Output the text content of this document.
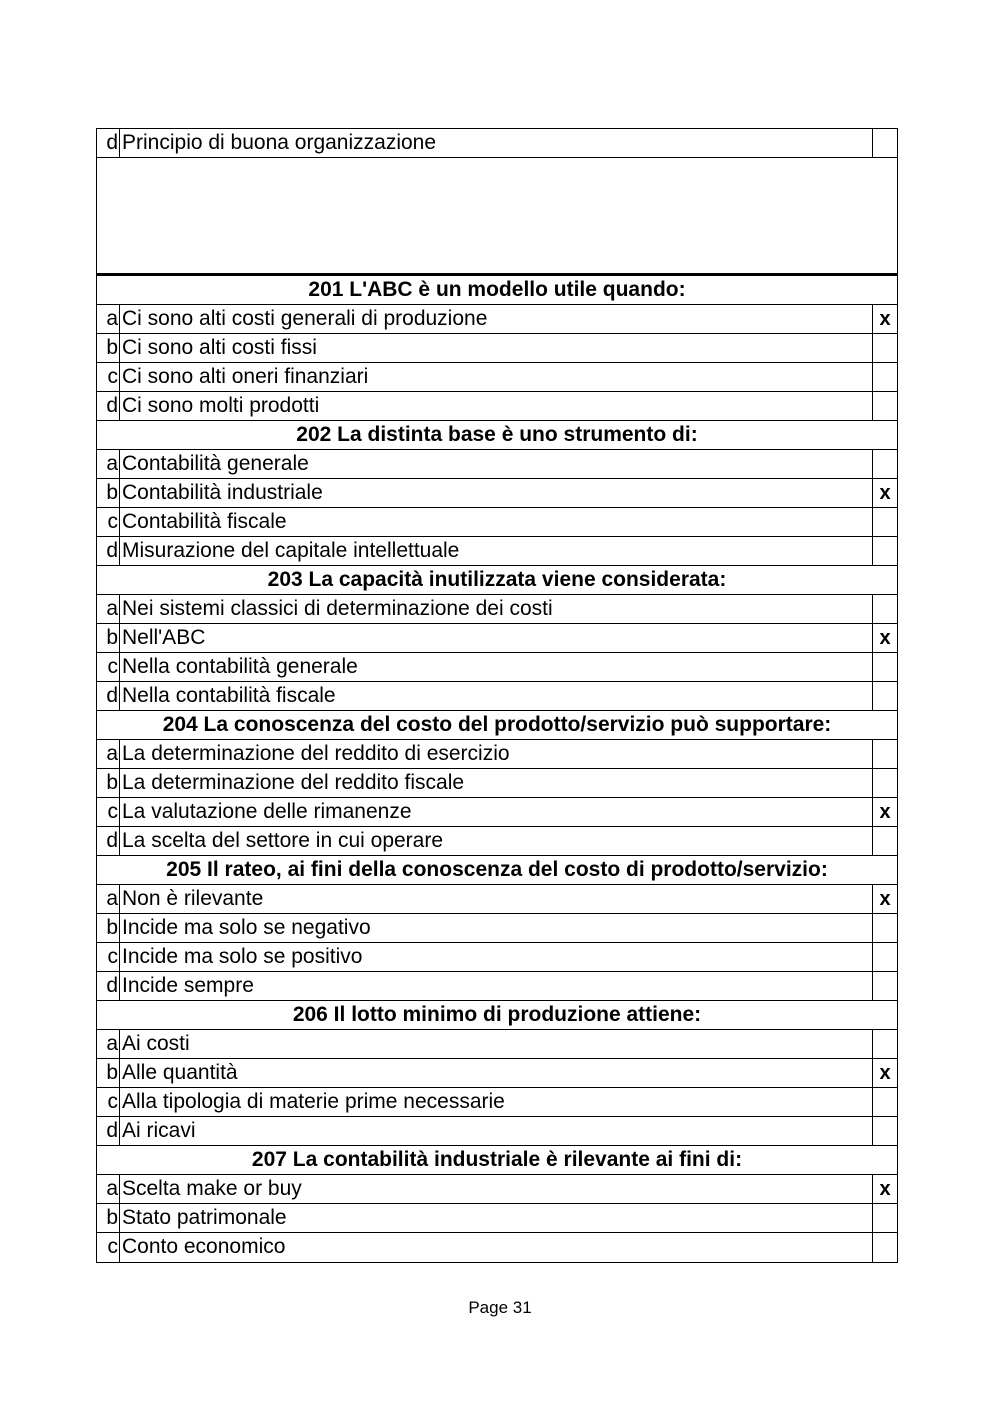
d Principio di buona organizzazione
201 L'ABC è un modello utile quando:
a Ci sono alti costi generali di produzione	x
b Ci sono alti costi fissi
c Ci sono alti oneri finanziari
d Ci sono molti prodotti
202 La distinta base è uno strumento di:
a Contabilità generale
b Contabilità industriale	x
c Contabilità fiscale
d Misurazione del capitale intellettuale
203 La capacità inutilizzata viene considerata:
a Nei sistemi classici di determinazione dei costi
b Nell'ABC	x
c Nella contabilità generale
d Nella contabilità fiscale
204 La conoscenza del costo del prodotto/servizio può supportare:
a La determinazione del reddito di esercizio
b La determinazione del reddito fiscale
c La valutazione delle rimanenze	x
d La scelta del settore in cui operare
205 Il rateo, ai fini della conoscenza del costo di prodotto/servizio:
a Non è rilevante	x
b Incide ma solo se negativo
c Incide ma solo se positivo
d Incide sempre
206 Il lotto minimo di produzione attiene:
a Ai costi
b Alle quantità	x
c Alla tipologia di materie prime necessarie
d Ai ricavi
207 La contabilità industriale è rilevante ai fini di:
a Scelta make or buy	x
b Stato patrimonale
c Conto economico
Page 31
